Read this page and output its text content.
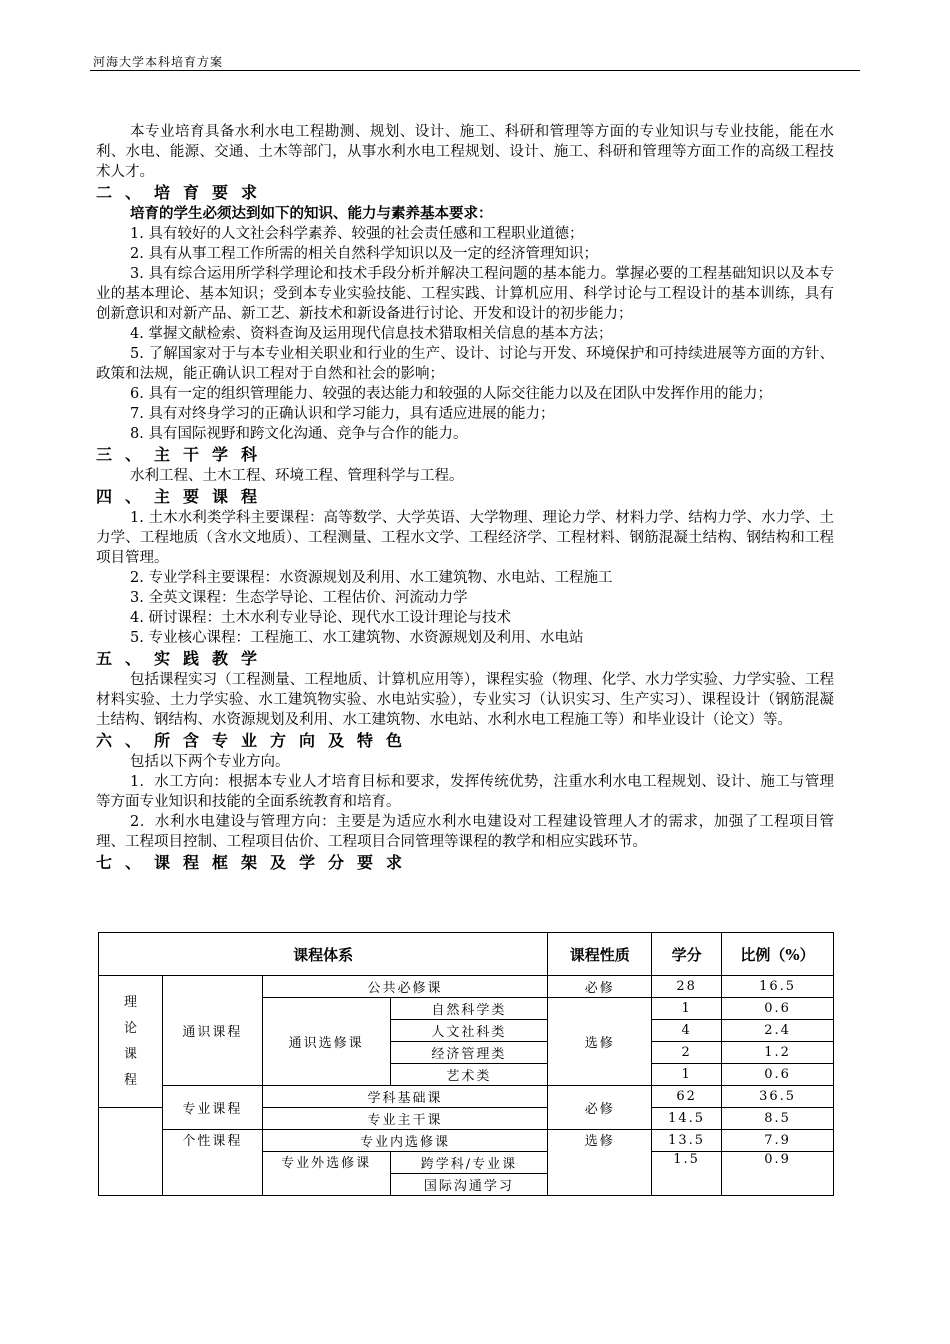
河海大学本科培育方案

本专业培育具备水利水电工程勘测、规划、设计、施工、科研和管理等方面的专业知识与专业技能，能在水利、水电、能源、交通、土木等部门，从事水利水电工程规划、设计、施工、科研和管理等方面工作的高级工程技术人才。

二、培育要求

培育的学生必须达到如下的知识、能力与素养基本要求：

1. 具有较好的人文社会科学素养、较强的社会责任感和工程职业道德；

2. 具有从事工程工作所需的相关自然科学知识以及一定的经济管理知识；

3. 具有综合运用所学科学理论和技术手段分析并解决工程问题的基本能力。掌握必要的工程基础知识以及本专业的基本理论、基本知识；受到本专业实验技能、工程实践、计算机应用、科学讨论与工程设计的基本训练，具有创新意识和对新产品、新工艺、新技术和新设备进行讨论、开发和设计的初步能力；

4. 掌握文献检索、资料查询及运用现代信息技术猎取相关信息的基本方法；

5. 了解国家对于与本专业相关职业和行业的生产、设计、讨论与开发、环境保护和可持续进展等方面的方针、政策和法规，能正确认识工程对于自然和社会的影响；

6. 具有一定的组织管理能力、较强的表达能力和较强的人际交往能力以及在团队中发挥作用的能力；

7. 具有对终身学习的正确认识和学习能力，具有适应进展的能力；

8. 具有国际视野和跨文化沟通、竞争与合作的能力。

三、主干学科

水利工程、土木工程、环境工程、管理科学与工程。

四、主要课程

1. 土木水利类学科主要课程：高等数学、大学英语、大学物理、理论力学、材料力学、结构力学、水力学、土力学、工程地质（含水文地质）、工程测量、工程水文学、工程经济学、工程材料、钢筋混凝土结构、钢结构和工程项目管理。

2. 专业学科主要课程：水资源规划及利用、水工建筑物、水电站、工程施工

3. 全英文课程：生态学导论、工程估价、河流动力学

4. 研讨课程：土木水利专业导论、现代水工设计理论与技术

5. 专业核心课程：工程施工、水工建筑物、水资源规划及利用、水电站

五、实践教学

包括课程实习（工程测量、工程地质、计算机应用等），课程实验（物理、化学、水力学实验、力学实验、工程材料实验、土力学实验、水工建筑物实验、水电站实验），专业实习（认识实习、生产实习）、课程设计（钢筋混凝土结构、钢结构、水资源规划及利用、水工建筑物、水电站、水利水电工程施工等）和毕业设计（论文）等。

六、所含专业方向及特色

包括以下两个专业方向。

1．水工方向：根据本专业人才培育目标和要求，发挥传统优势，注重水利水电工程规划、设计、施工与管理等方面专业知识和技能的全面系统教育和培育。

2．水利水电建设与管理方向：主要是为适应水利水电建设对工程建设管理人才的需求，加强了工程项目管理、工程项目控制、工程项目估价、工程项目合同管理等课程的教学和相应实践环节。

七、课程框架及学分要求

课程体系				课程性质	学分	比例（%）
理论课程	通识课程	公共必修课		必修	28	16.5
		通识选修课	自然科学类	选修	1	0.6
			人文社科类		4	2.4
			经济管理类		2	1.2
			艺术类		1	0.6
	专业课程	学科基础课		必修	62	36.5
		专业主干课			14.5	8.5
	个性课程	专业内选修课		选修	13.5	7.9
		专业外选修课	跨学科/专业课		1.5	0.9
			国际沟通学习			
